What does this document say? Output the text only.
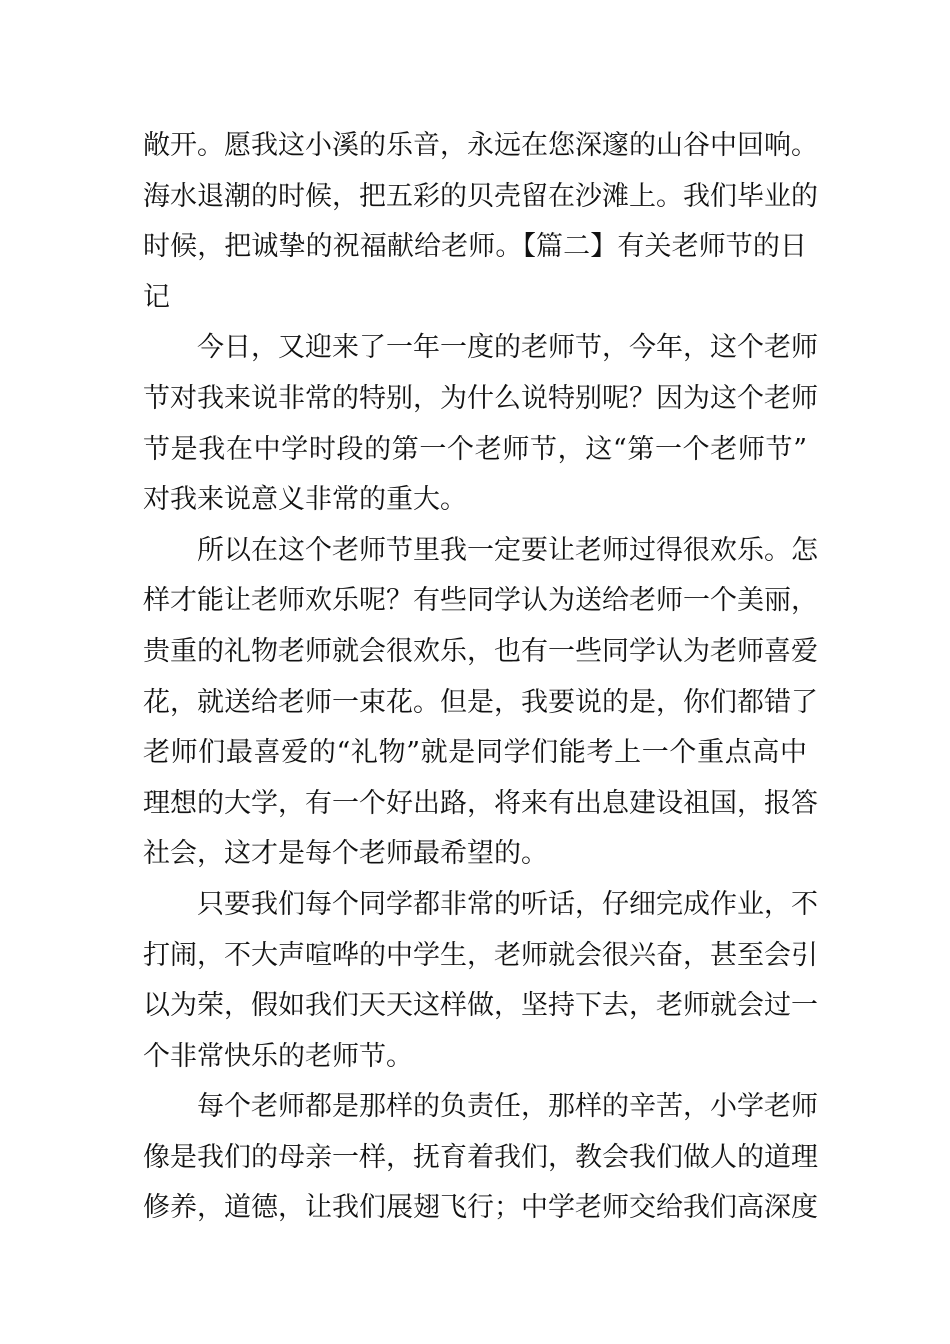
敞开。愿我这小溪的乐音，永远在您深邃的山谷中回响。
海水退潮的时候，把五彩的贝壳留在沙滩上。我们毕业的
时候，把诚挚的祝福献给老师。【篇二】有关老师节的日
记
　　今日，又迎来了一年一度的老师节，今年，这个老师
节对我来说非常的特别，为什么说特别呢？因为这个老师
节是我在中学时段的第一个老师节，这“第一个老师节”
对我来说意义非常的重大。
　　所以在这个老师节里我一定要让老师过得很欢乐。怎
样才能让老师欢乐呢？有些同学认为送给老师一个美丽，
贵重的礼物老师就会很欢乐，也有一些同学认为老师喜爱
花，就送给老师一束花。但是，我要说的是，你们都错了
老师们最喜爱的“礼物”就是同学们能考上一个重点高中
理想的大学，有一个好出路，将来有出息建设祖国，报答
社会，这才是每个老师最希望的。
　　只要我们每个同学都非常的听话，仔细完成作业，不
打闹，不大声喧哗的中学生，老师就会很兴奋，甚至会引
以为荣，假如我们天天这样做，坚持下去，老师就会过一
个非常快乐的老师节。
　　每个老师都是那样的负责任，那样的辛苦，小学老师
像是我们的母亲一样，抚育着我们，教会我们做人的道理
修养，道德，让我们展翅飞行；中学老师交给我们高深度
